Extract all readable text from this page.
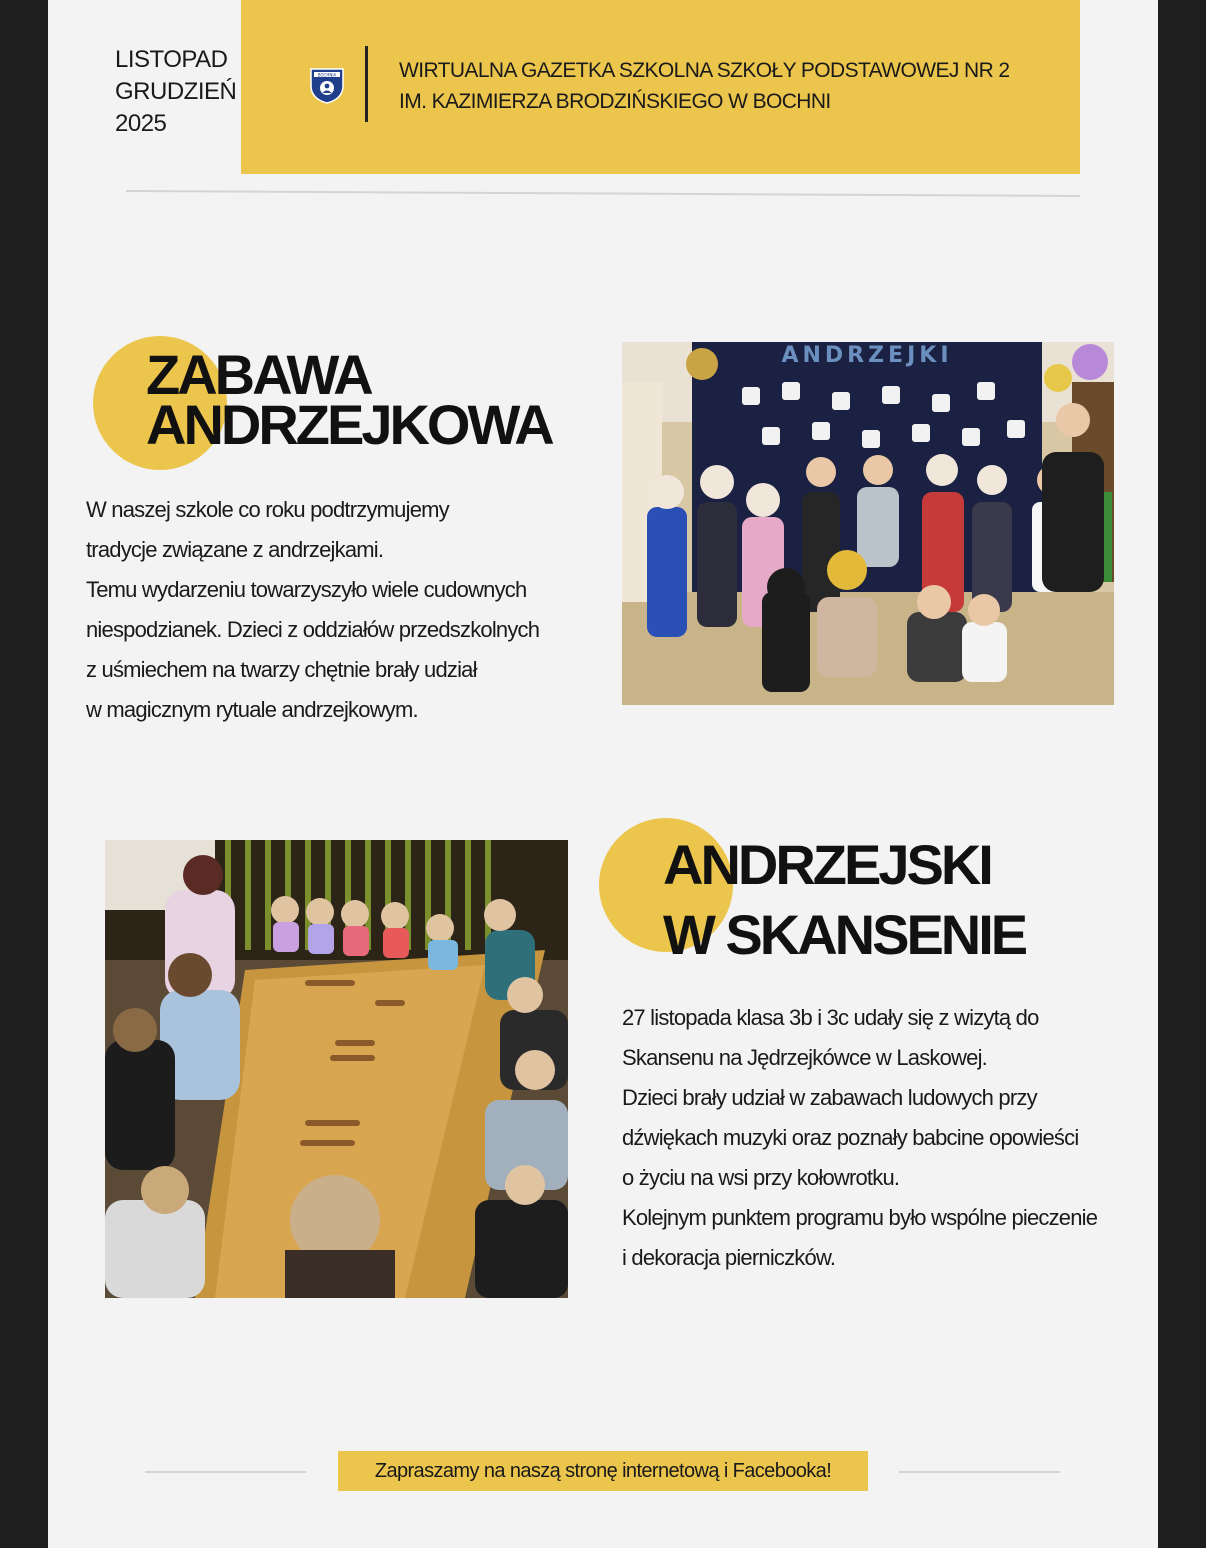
LISTOPAD
GRUDZIEŃ
2025
BOCHNIA	WIRTUALNA GAZETKA SZKOLNA SZKOŁY PODSTAWOWEJ NR 2
IM. KAZIMIERZA BRODZIŃSKIEGO W BOCHNI
ZABAWA
ANDRZEJKOWA
W naszej szkole co roku podtrzymujemy
tradycje związane z andrzejkami.
Temu wydarzeniu towarzyszyło wiele cudownych
niespodzianek. Dzieci z oddziałów przedszkolnych
z uśmiechem na twarzy chętnie brały udział
w magicznym rytuale andrzejkowym.
ANDRZEJKI
ANDRZEJSKI
W SKANSENIE
27 listopada klasa 3b i 3c udały się z wizytą do
Skansenu na Jędrzejkówce w Laskowej.
Dzieci brały udział w zabawach ludowych przy
dźwiękach muzyki oraz poznały babcine opowieści
o życiu na wsi przy kołowrotku.
Kolejnym punktem programu było wspólne pieczenie
i dekoracja pierniczków.
Zapraszamy na naszą stronę internetową i Facebooka!
